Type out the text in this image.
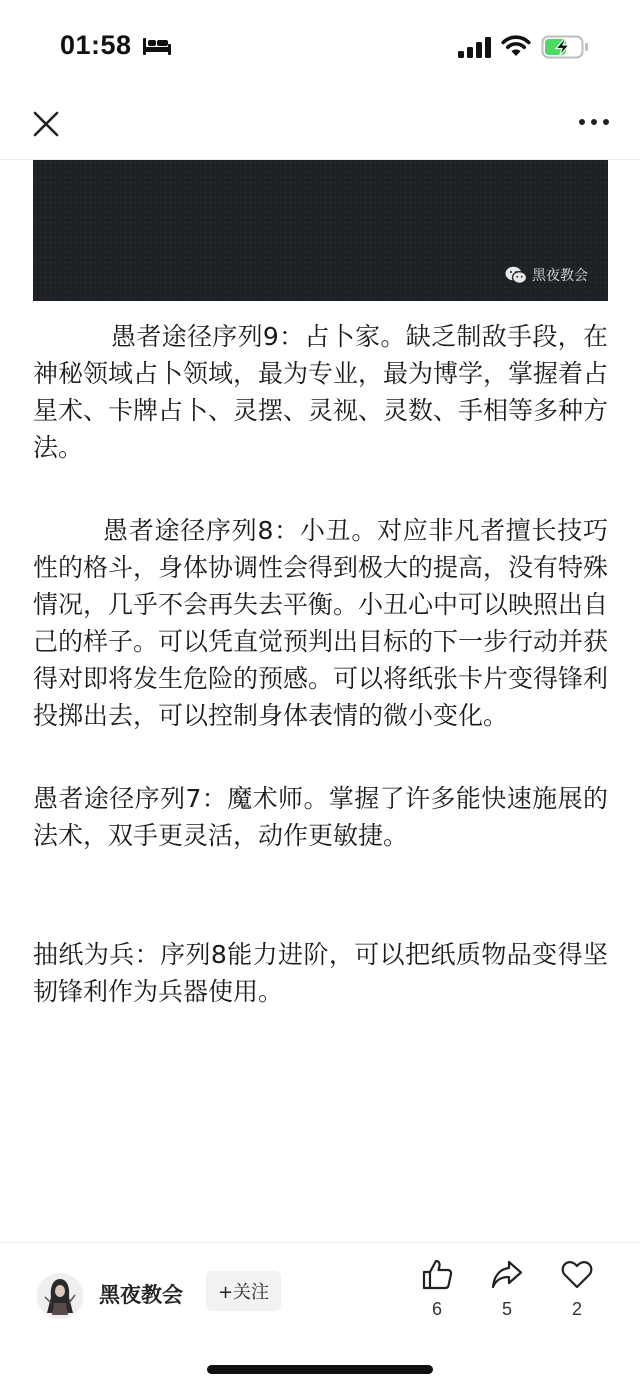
01:58
黑夜教会

愚者途径序列9：占卜家。缺乏制敌手段，在神秘领域占卜领域，最为专业，最为博学，掌握着占星术、卡牌占卜、灵摆、灵视、灵数、手相等多种方法。

愚者途径序列8：小丑。对应非凡者擅长技巧性的格斗，身体协调性会得到极大的提高，没有特殊情况，几乎不会再失去平衡。小丑心中可以映照出自己的样子。可以凭直觉预判出目标的下一步行动并获得对即将发生危险的预感。可以将纸张卡片变得锋利投掷出去，可以控制身体表情的微小变化。

愚者途径序列7：魔术师。掌握了许多能快速施展的法术，双手更灵活，动作更敏捷。

抽纸为兵：序列8能力进阶，可以把纸质物品变得坚韧锋利作为兵器使用。

黑夜教会	+关注
6	5	2
